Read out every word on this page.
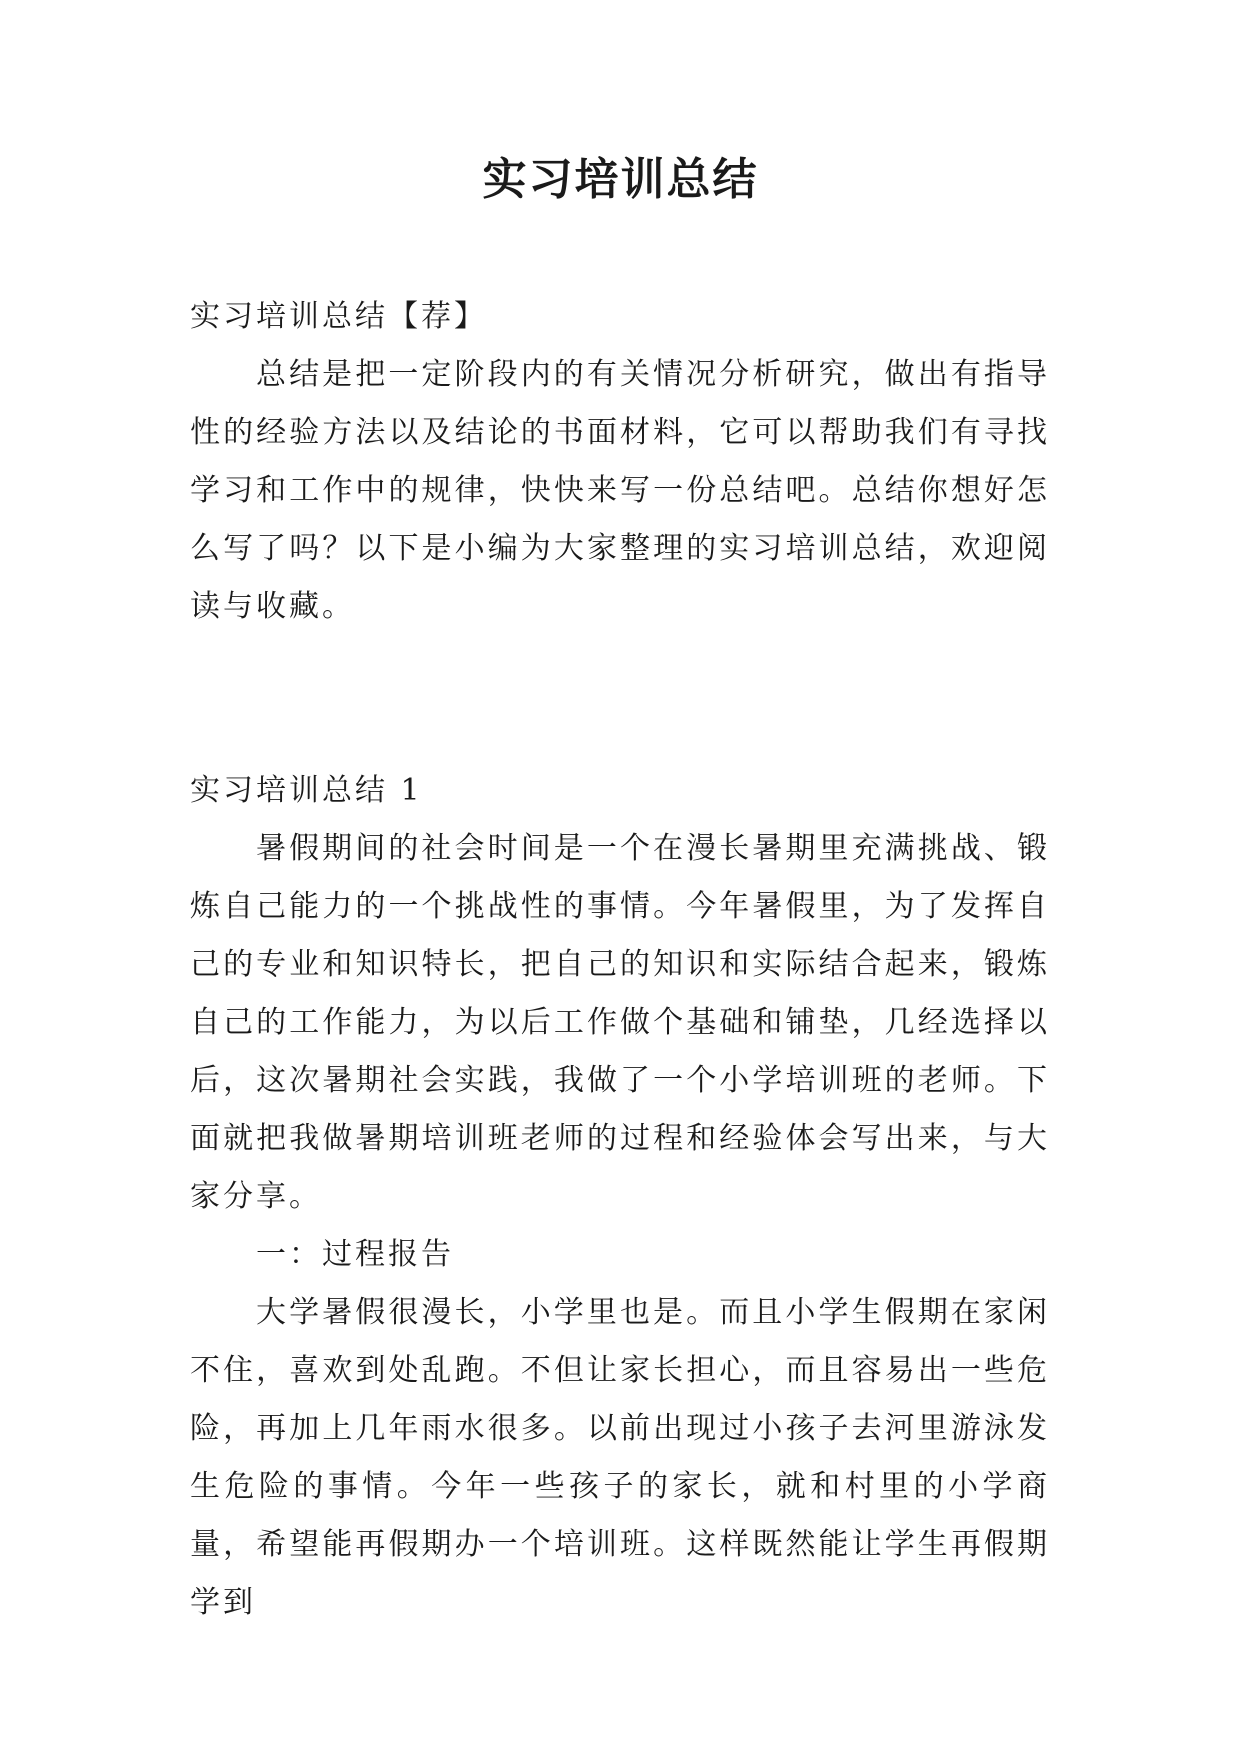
实习培训总结

实习培训总结【荐】

总结是把一定阶段内的有关情况分析研究，做出有指导性的经验方法以及结论的书面材料，它可以帮助我们有寻找学习和工作中的规律，快快来写一份总结吧。总结你想好怎么写了吗？以下是小编为大家整理的实习培训总结，欢迎阅读与收藏。

实习培训总结 1

暑假期间的社会时间是一个在漫长暑期里充满挑战、锻炼自己能力的一个挑战性的事情。今年暑假里，为了发挥自己的专业和知识特长，把自己的知识和实际结合起来，锻炼自己的工作能力，为以后工作做个基础和铺垫，几经选择以后，这次暑期社会实践，我做了一个小学培训班的老师。下面就把我做暑期培训班老师的过程和经验体会写出来，与大家分享。

一：过程报告

大学暑假很漫长，小学里也是。而且小学生假期在家闲不住，喜欢到处乱跑。不但让家长担心，而且容易出一些危险，再加上几年雨水很多。以前出现过小孩子去河里游泳发生危险的事情。今年一些孩子的家长，就和村里的小学商量，希望能再假期办一个培训班。这样既然能让学生再假期学到
